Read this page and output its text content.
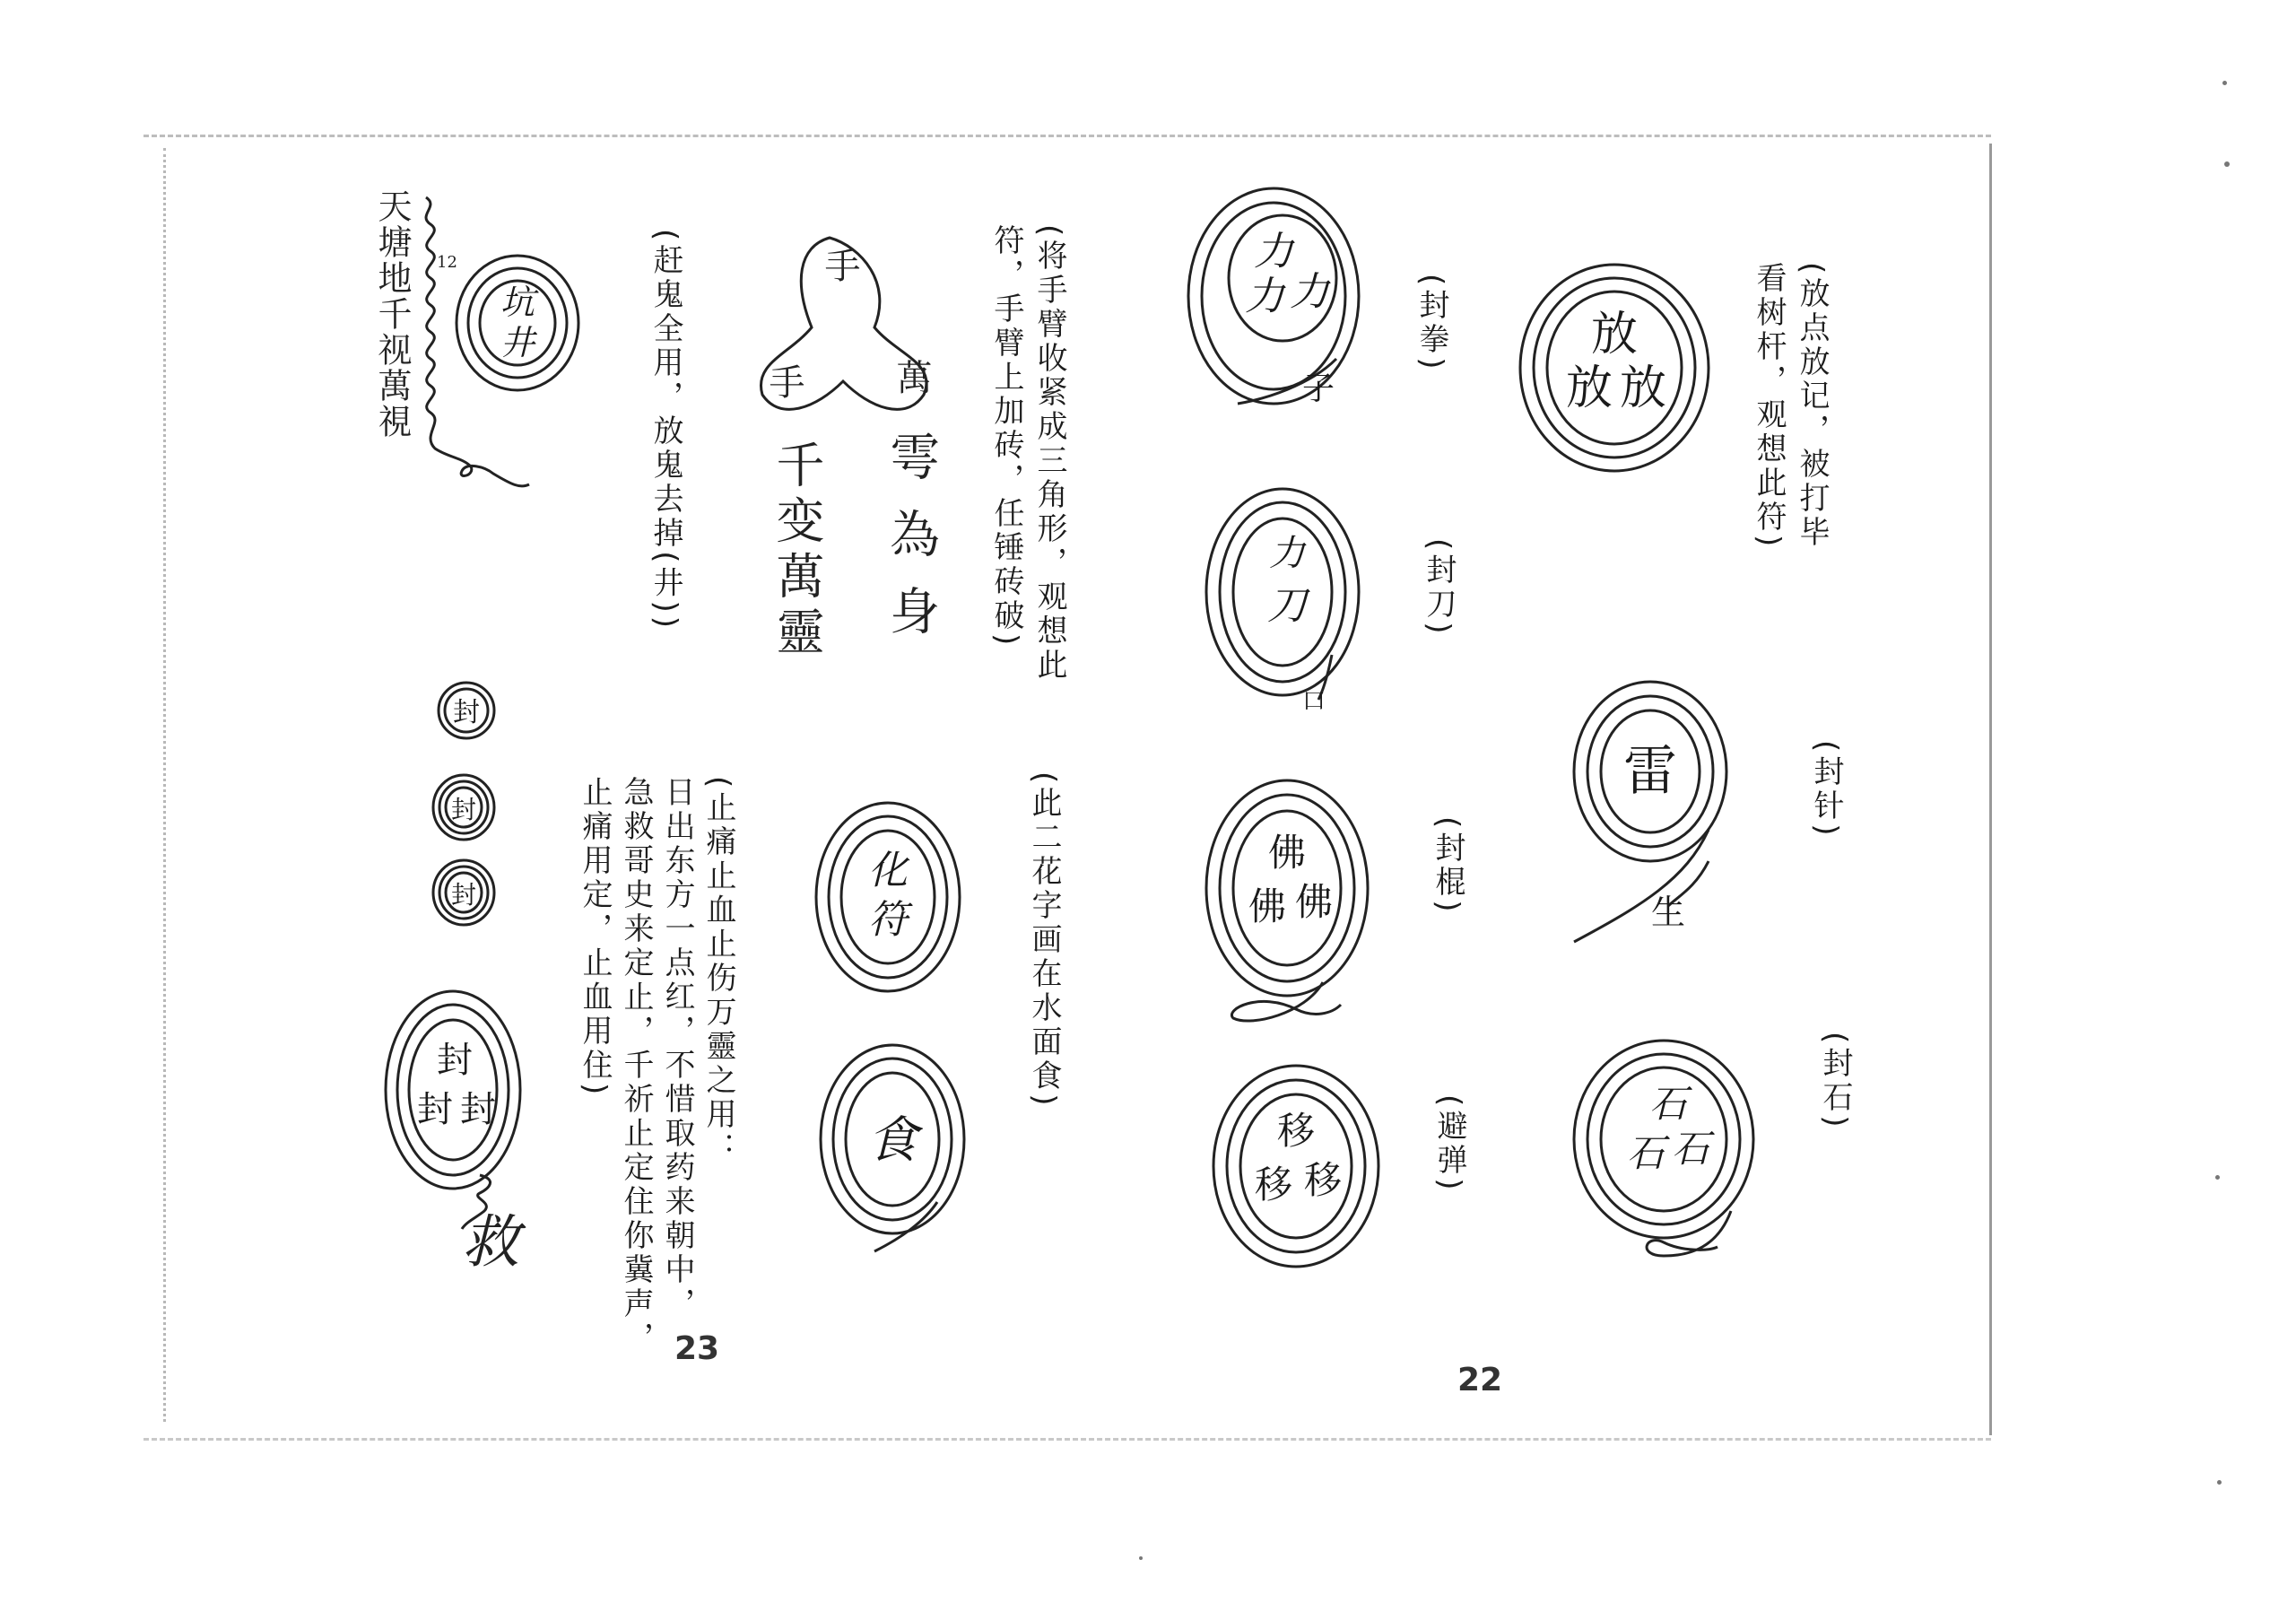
(放点放记，被打毕
看树杆，观想此符)
放
放 放
(封针)
雷
生
(封石)
石
石 石
(封拳)
(封刀)
(封棍)
(避弹)
力
力 力
子
力
刀
口
佛
佛 佛
移
移 移
(此二花字画在水面食)
化
符
食
(将手臂收紧成三角形，观想此
符，手臂上加砖，任锤砖破)
22
手
手 萬
雩為身
千变萬靈
(赶鬼全用，放鬼去掉(井))
天塘地千视萬視	12
坑
井
封
封
封
封
封 封
救
(止痛止血止伤万靈之用：
日出东方一点红，不惜取药来朝中，
急救哥史来定止，千祈止定住你冀声，
止痛用定，止血用住)
23
